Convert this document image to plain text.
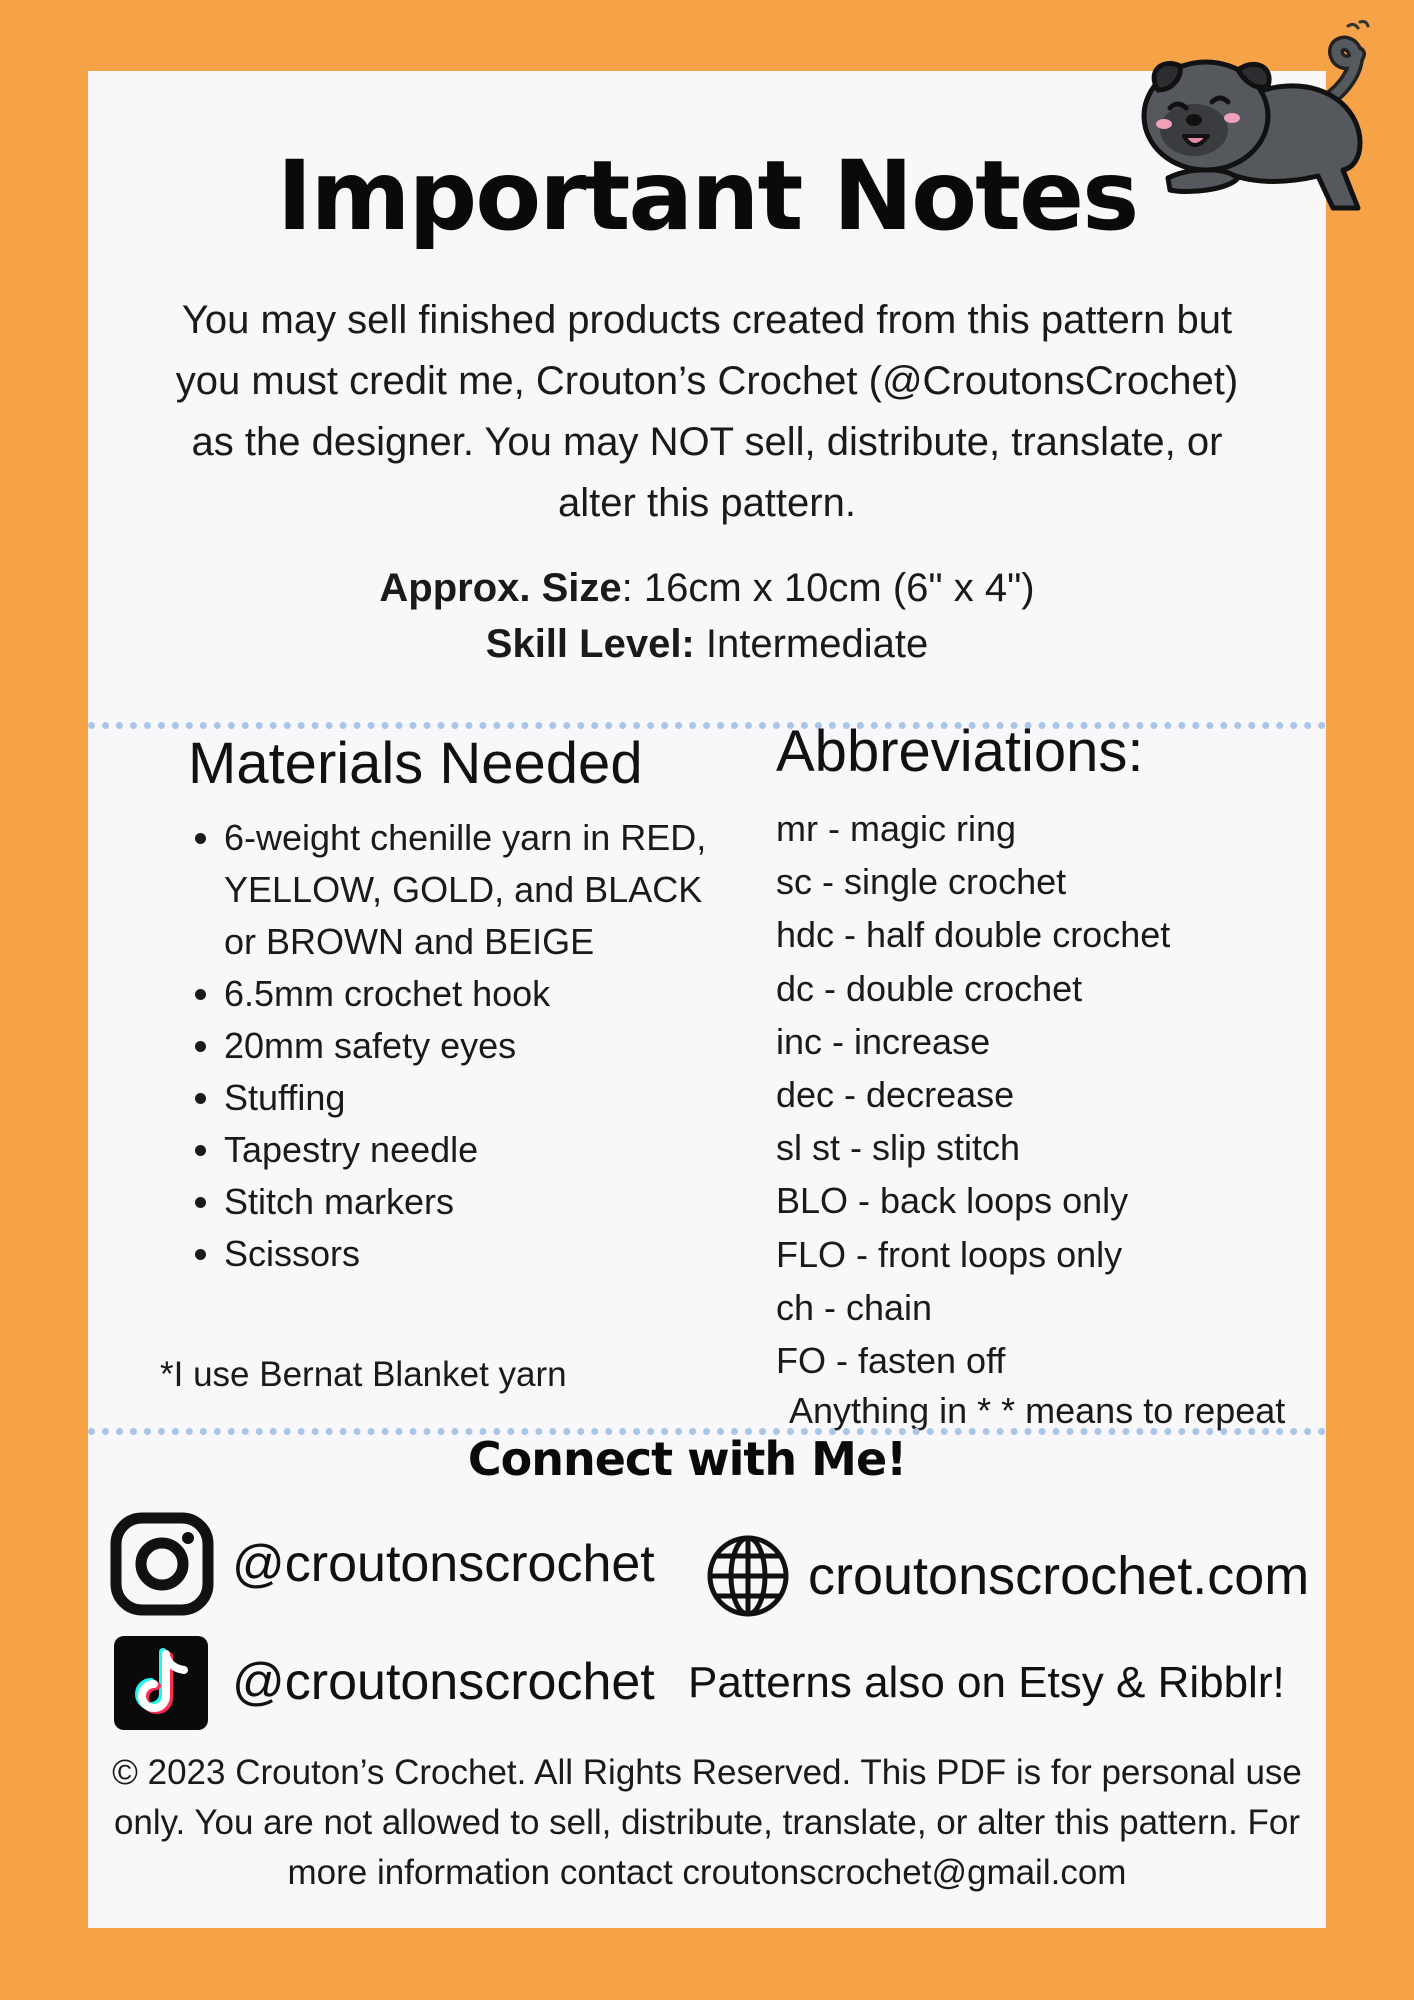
Important Notes
You may sell finished products created from this pattern but you must credit me, Crouton’s Crochet (@CroutonsCrochet) as the designer. You may NOT sell, distribute, translate, or alter this pattern.
Approx. Size: 16cm x 10cm (6" x 4")
Skill Level: Intermediate
Materials Needed
• 6-weight chenille yarn in RED, YELLOW, GOLD, and BLACK or BROWN and BEIGE
• 6.5mm crochet hook
• 20mm safety eyes
• Stuffing
• Tapestry needle
• Stitch markers
• Scissors
*I use Bernat Blanket yarn
Abbreviations:
mr - magic ring
sc - single crochet
hdc - half double crochet
dc - double crochet
inc - increase
dec - decrease
sl st - slip stitch
BLO - back loops only
FLO - front loops only
ch - chain
FO - fasten off
Anything in * * means to repeat
Connect with Me!
@croutonscrochet	croutonscrochet.com
@croutonscrochet Patterns also on Etsy & Ribblr!
© 2023 Crouton’s Crochet. All Rights Reserved. This PDF is for personal use only. You are not allowed to sell, distribute, translate, or alter this pattern. For more information contact croutonscrochet@gmail.com
